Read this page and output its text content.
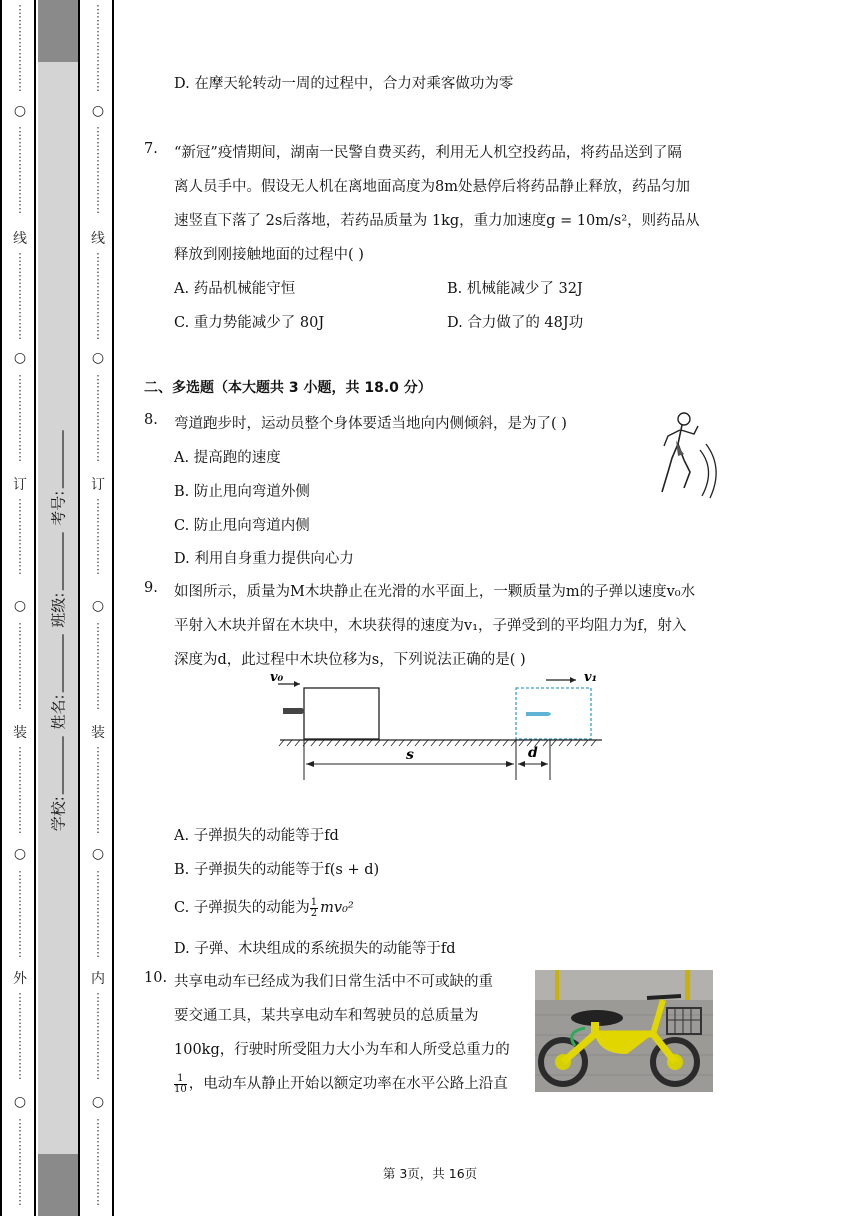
⋮
⋮
⋮
⋮
⋮
⋮
⋮
⋮
○
⋮
⋮
⋮
⋮
⋮
⋮
⋮
⋮
线
⋮
⋮
⋮
⋮
⋮
⋮
⋮
⋮
○
⋮
⋮
⋮
⋮
⋮
⋮
⋮
⋮
订
⋮
⋮
⋮
⋮
⋮
⋮
⋮
○
⋮
⋮
⋮
⋮
⋮
⋮
⋮
⋮
装
⋮
⋮
⋮
⋮
⋮
⋮
⋮
⋮
○
⋮
⋮
⋮
⋮
⋮
⋮
⋮
⋮
外
⋮
⋮
⋮
⋮
⋮
⋮
⋮
⋮
○
⋮
⋮
⋮
⋮
⋮
⋮
⋮
⋮
学校: 姓名: 班级: 考号:
⋮
⋮
⋮
⋮
⋮
⋮
⋮
⋮
○
⋮
⋮
⋮
⋮
⋮
⋮
⋮
⋮
线
⋮
⋮
⋮
⋮
⋮
⋮
⋮
⋮
○
⋮
⋮
⋮
⋮
⋮
⋮
⋮
⋮
订
⋮
⋮
⋮
⋮
⋮
⋮
⋮
○
⋮
⋮
⋮
⋮
⋮
⋮
⋮
⋮
装
⋮
⋮
⋮
⋮
⋮
⋮
⋮
⋮
○
⋮
⋮
⋮
⋮
⋮
⋮
⋮
⋮
内
⋮
⋮
⋮
⋮
⋮
⋮
⋮
⋮
○
⋮
⋮
⋮
⋮
⋮
⋮
⋮
⋮
D. 在摩天轮转动一周的过程中，合力对乘客做功为零
7. “新冠”疫情期间，湖南一民警自费买药，利用无人机空投药品，将药品送到了隔
离人员手中。假设无人机在离地面高度为8m处悬停后将药品静止释放，药品匀加
速竖直下落了 2s后落地，若药品质量为 1kg，重力加速度g = 10m/s²，则药品从
释放到刚接触地面的过程中( )
A. 药品机械能守恒	B. 机械能减少了 32J
C. 重力势能减少了 80J	D. 合力做了的 48J功
二、多选题（本大题共 3 小题，共 18.0 分）
8. 弯道跑步时，运动员整个身体要适当地向内侧倾斜，是为了( )
A. 提高跑的速度
B. 防止甩向弯道外侧
C. 防止甩向弯道内侧
D. 利用自身重力提供向心力
9. 如图所示，质量为M木块静止在光滑的水平面上，一颗质量为m的子弹以速度v₀水
平射入木块并留在木块中，木块获得的速度为v₁，子弹受到的平均阻力为f，射入
深度为d，此过程中木块位移为s，下列说法正确的是( )
v₀	v₁
s	d
A. 子弹损失的动能等于fd
B. 子弹损失的动能等于f(s + d)
C. 子弹损失的动能为 $\frac{1}{2} mv_0^2$
D. 子弹、木块组成的系统损失的动能等于fd
10. 共享电动车已经成为我们日常生活中不可或缺的重
要交通工具，某共享电动车和驾驶员的总质量为
100kg，行驶时所受阻力大小为车和人所受总重力的
$\frac{1}{10}$ ，电动车从静止开始以额定功率在水平公路上沿直
第 3页，共 16页
